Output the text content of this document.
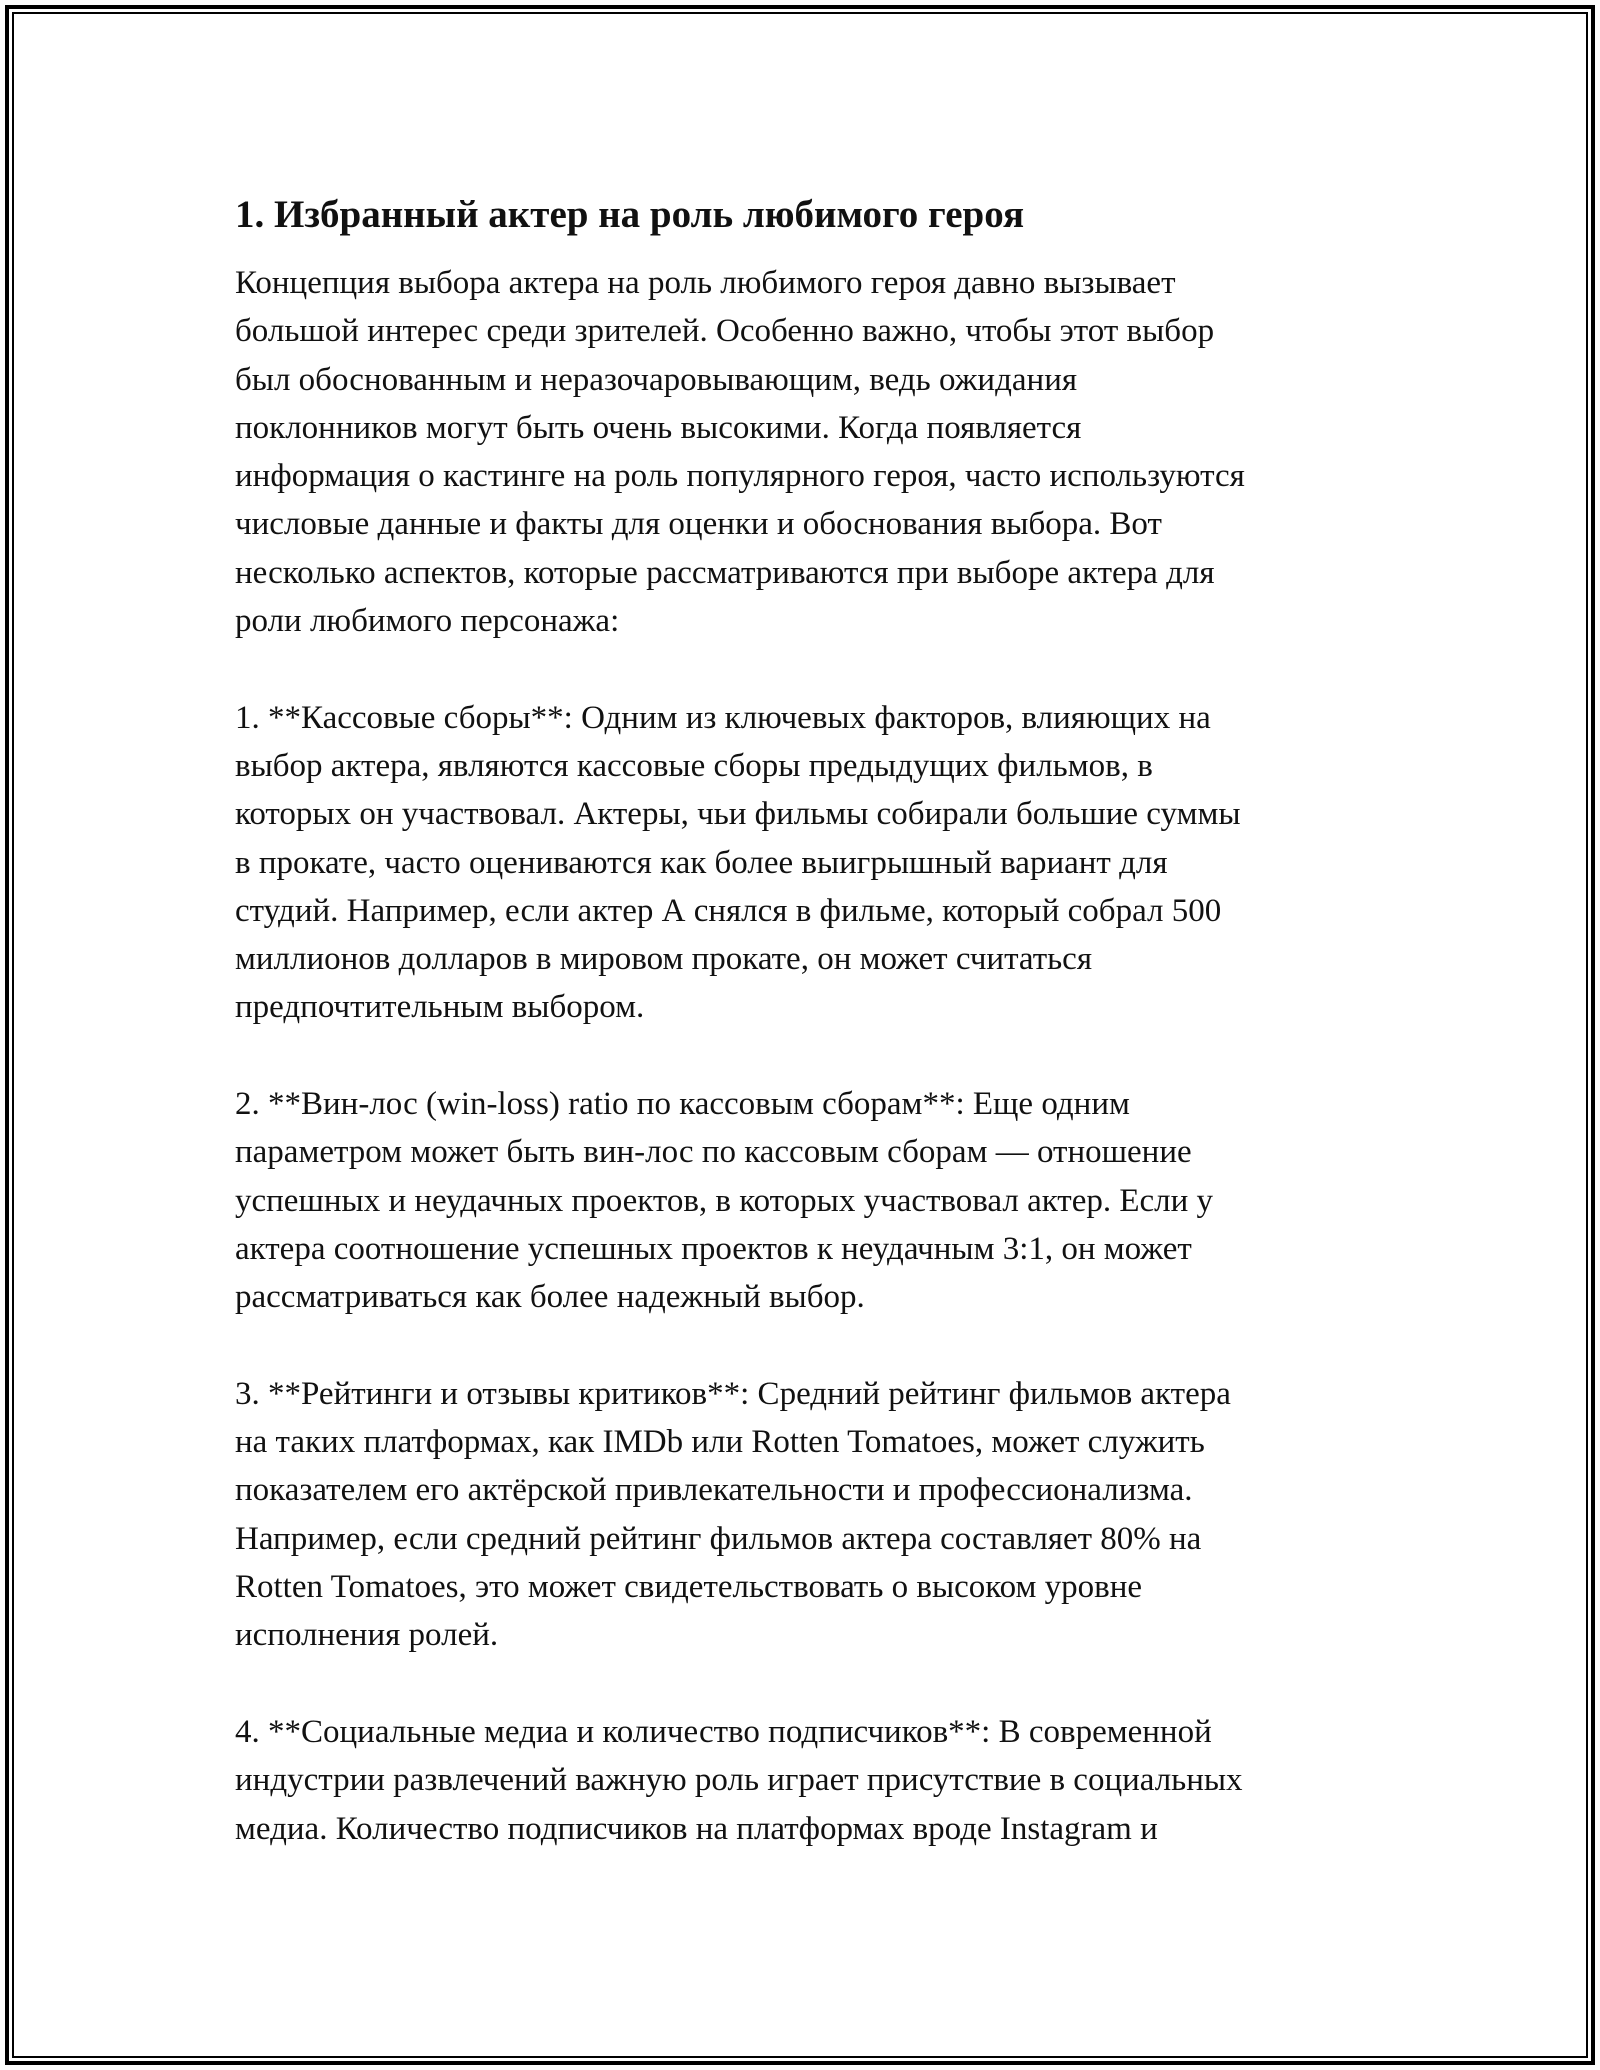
1. Избранный актер на роль любимого героя

Концепция выбора актера на роль любимого героя давно вызывает
большой интерес среди зрителей. Особенно важно, чтобы этот выбор
был обоснованным и неразочаровывающим, ведь ожидания
поклонников могут быть очень высокими. Когда появляется
информация о кастинге на роль популярного героя, часто используются
числовые данные и факты для оценки и обоснования выбора. Вот
несколько аспектов, которые рассматриваются при выборе актера для
роли любимого персонажа:

1. **Кассовые сборы**: Одним из ключевых факторов, влияющих на
выбор актера, являются кассовые сборы предыдущих фильмов, в
которых он участвовал. Актеры, чьи фильмы собирали большие суммы
в прокате, часто оцениваются как более выигрышный вариант для
студий. Например, если актер А снялся в фильме, который собрал 500
миллионов долларов в мировом прокате, он может считаться
предпочтительным выбором.

2. **Вин-лос (win-loss) ratio по кассовым сборам**: Еще одним
параметром может быть вин-лос по кассовым сборам — отношение
успешных и неудачных проектов, в которых участвовал актер. Если у
актера соотношение успешных проектов к неудачным 3:1, он может
рассматриваться как более надежный выбор.

3. **Рейтинги и отзывы критиков**: Средний рейтинг фильмов актера
на таких платформах, как IMDb или Rotten Tomatoes, может служить
показателем его актёрской привлекательности и профессионализма.
Например, если средний рейтинг фильмов актера составляет 80% на
Rotten Tomatoes, это может свидетельствовать о высоком уровне
исполнения ролей.

4. **Социальные медиа и количество подписчиков**: В современной
индустрии развлечений важную роль играет присутствие в социальных
медиа. Количество подписчиков на платформах вроде Instagram и
